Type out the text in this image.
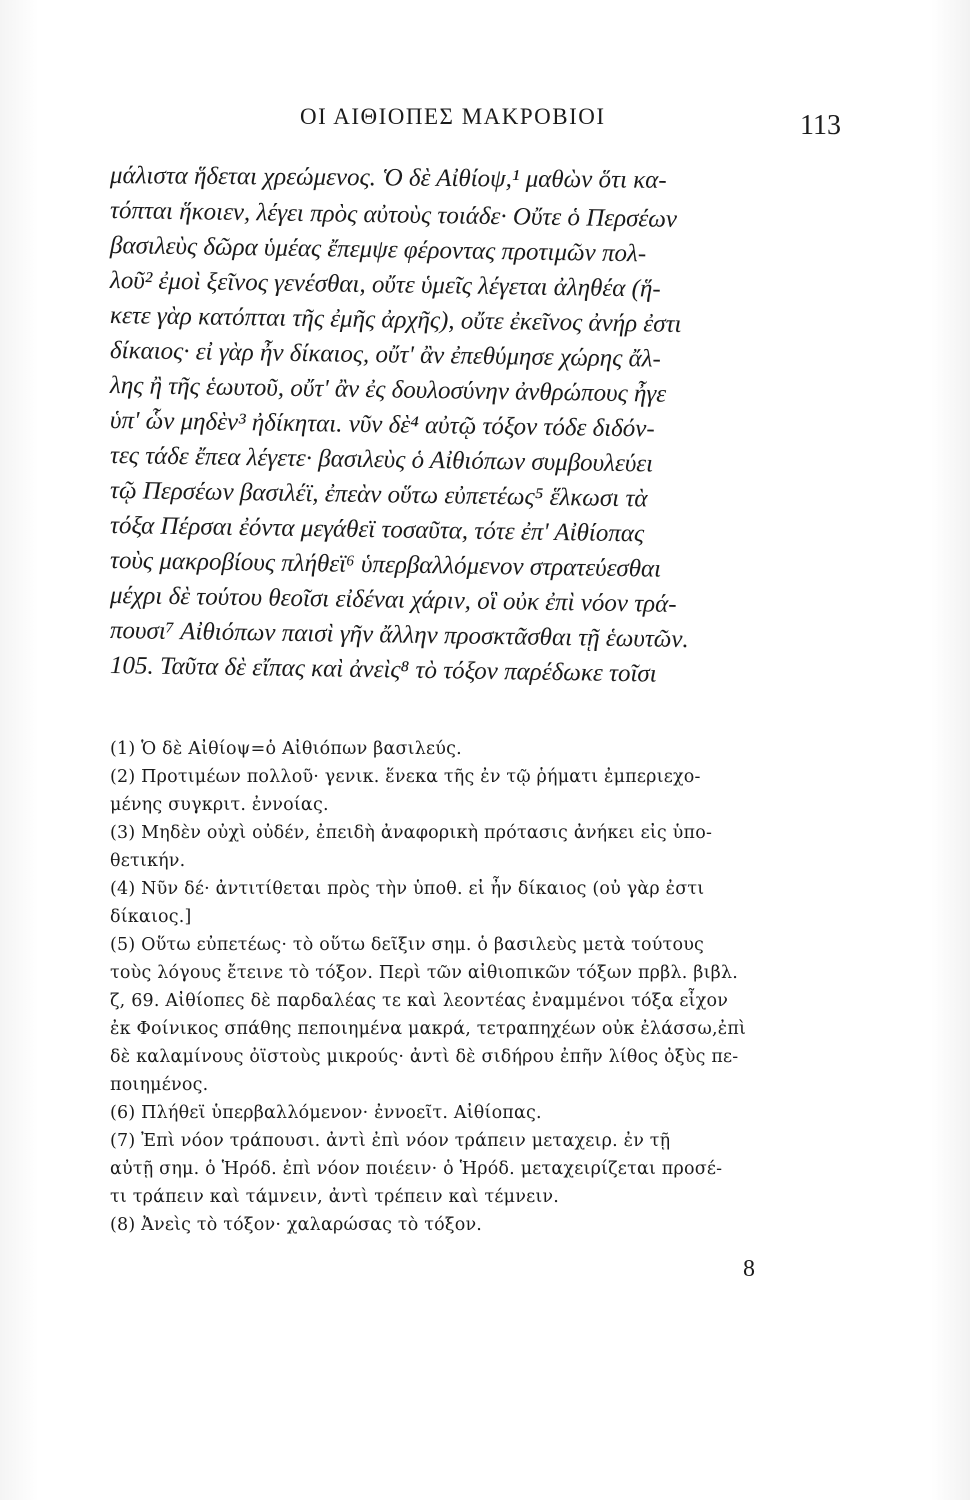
ΟΙ ΑΙΘΙΟΠΕΣ ΜΑΚΡΟΒΙΟΙ	113
μάλιστα ἥδεται χρεώμενος. Ὁ δὲ Αἰθίοψ,¹ μαθὼν ὅτι κα-
τόπται ἥκοιεν, λέγει πρὸς αὐτοὺς τοιάδε· Οὔτε ὁ Περσέων
βασιλεὺς δῶρα ὑμέας ἔπεμψε φέροντας προτιμῶν πολ-
λοῦ² ἐμοὶ ξεῖνος γενέσθαι, οὔτε ὑμεῖς λέγεται ἀληθέα (ἥ-
κετε γὰρ κατόπται τῆς ἐμῆς ἀρχῆς), οὔτε ἐκεῖνος ἀνήρ ἐστι
δίκαιος· εἰ γὰρ ἦν δίκαιος, οὔτ' ἂν ἐπεθύμησε χώρης ἄλ-
λης ἢ τῆς ἑωυτοῦ, οὔτ' ἂν ἐς δουλοσύνην ἀνθρώπους ἦγε
ὑπ' ὧν μηδὲν³ ἠδίκηται. νῦν δὲ⁴ αὐτῷ τόξον τόδε διδόν-
τες τάδε ἔπεα λέγετε· βασιλεὺς ὁ Αἰθιόπων συμβουλεύει
τῷ Περσέων βασιλέϊ, ἐπεὰν οὕτω εὐπετέως⁵ ἕλκωσι τὰ
τόξα Πέρσαι ἐόντα μεγάθεϊ τοσαῦτα, τότε ἐπ' Αἰθίοπας
τοὺς μακροβίους πλήθεϊ⁶ ὑπερβαλλόμενον στρατεύεσθαι
μέχρι δὲ τούτου θεοῖσι εἰδέναι χάριν, οἳ οὐκ ἐπὶ νόον τρά-
πουσι⁷ Αἰθιόπων παισὶ γῆν ἄλλην προσκτᾶσθαι τῇ ἑωυτῶν.
105. Ταῦτα δὲ εἴπας καὶ ἀνεὶς⁸ τὸ τόξον παρέδωκε τοῖσι
(1) Ὁ δὲ Αἰθίοψ=ὁ Αἰθιόπων βασιλεύς.
(2) Προτιμέων πολλοῦ· γενικ. ἕνεκα τῆς ἐν τῷ ῥήματι ἐμπεριεχο-
μένης συγκριτ. ἐννοίας.
(3) Μηδὲν οὐχὶ οὐδέν, ἐπειδὴ ἀναφορικὴ πρότασις ἀνήκει εἰς ὑπο-
θετικήν.
(4) Νῦν δέ· ἀντιτίθεται πρὸς τὴν ὑποθ. εἰ ἦν δίκαιος (οὐ γὰρ ἐστι
δίκαιος.]
(5) Οὕτω εὐπετέως· τὸ οὕτω δεῖξιν σημ. ὁ βασιλεὺς μετὰ τούτους
τοὺς λόγους ἔτεινε τὸ τόξον. Περὶ τῶν αἰθιοπικῶν τόξων πρβλ. βιβλ.
ζ, 69. Αἰθίοπες δὲ παρδαλέας τε καὶ λεοντέας ἐναμμένοι τόξα εἶχον
ἐκ Φοίνικος σπάθης πεποιημένα μακρά, τετραπηχέων οὐκ ἐλάσσω,ἐπὶ
δὲ καλαμίνους ὀϊστοὺς μικρούς· ἀντὶ δὲ σιδήρου ἐπῆν λίθος ὀξὺς πε-
ποιημένος.
(6) Πλήθεϊ ὑπερβαλλόμενον· ἐννοεῖτ. Αἰθίοπας.
(7) Ἐπὶ νόον τράπουσι. ἀντὶ ἐπὶ νόον τράπειν μεταχειρ. ἐν τῇ
αὐτῇ σημ. ὁ Ἡρόδ. ἐπὶ νόον ποιέειν· ὁ Ἡρόδ. μεταχειρίζεται προσέ-
τι τράπειν καὶ τάμνειν, ἀντὶ τρέπειν καὶ τέμνειν.
(8) Ἀνεὶς τὸ τόξον· χαλαρώσας τὸ τόξον.
8
